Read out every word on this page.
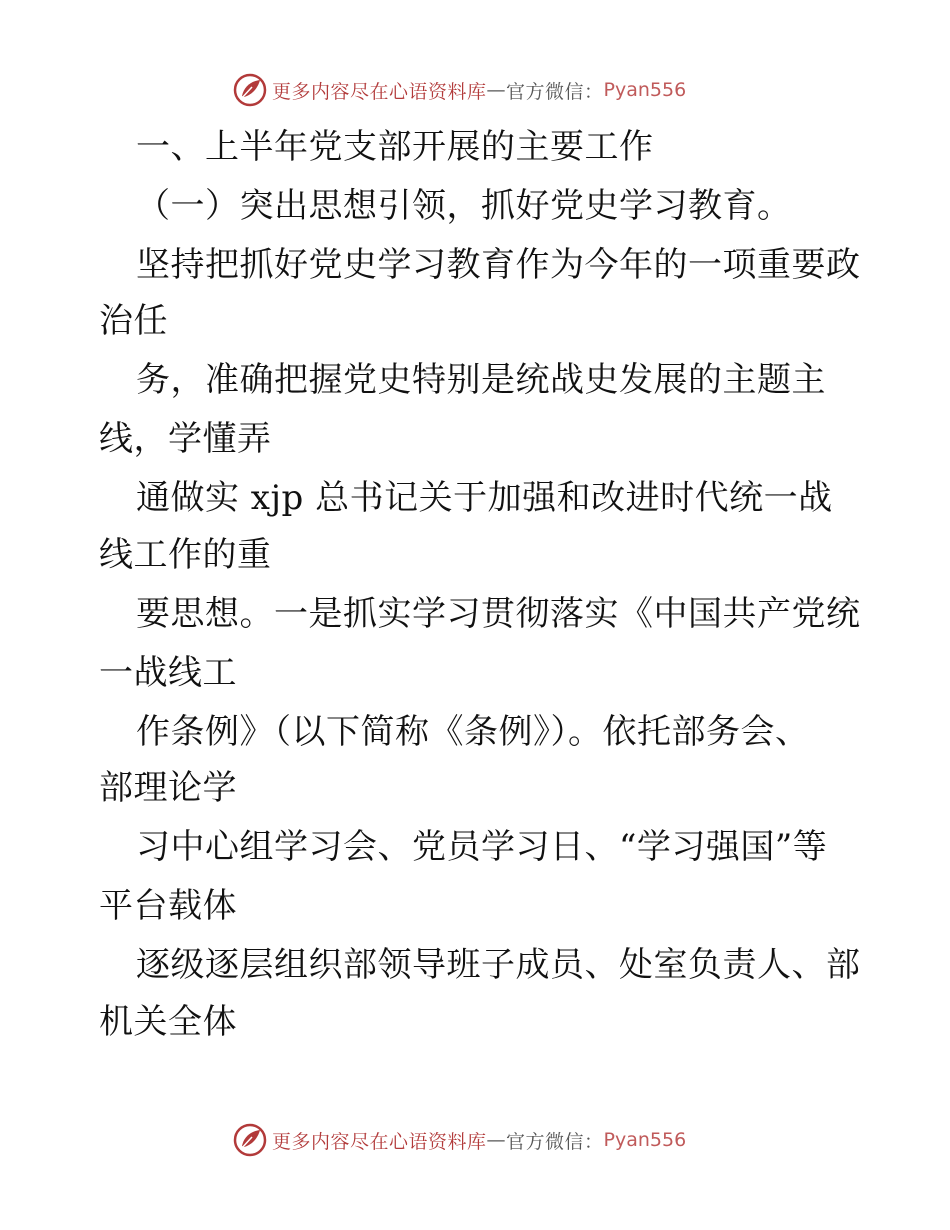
更多内容尽在心语资料库 — 官方微信： Pyan556
一、上半年党支部开展的主要工作
（一）突出思想引领，抓好党史学习教育。
坚持把抓好党史学习教育作为今年的一项重要政
治任
务，准确把握党史特别是统战史发展的主题主
线，学懂弄
通做实 xjp 总书记关于加强和改进时代统一战
线工作的重
要思想。一是抓实学习贯彻落实《中国共产党统
一战线工
作条例》（以下简称《条例》）。依托部务会、
部理论学
习中心组学习会、党员学习日、“学习强国”等
平台载体
逐级逐层组织部领导班子成员、处室负责人、部
机关全体
更多内容尽在心语资料库 — 官方微信： Pyan556
